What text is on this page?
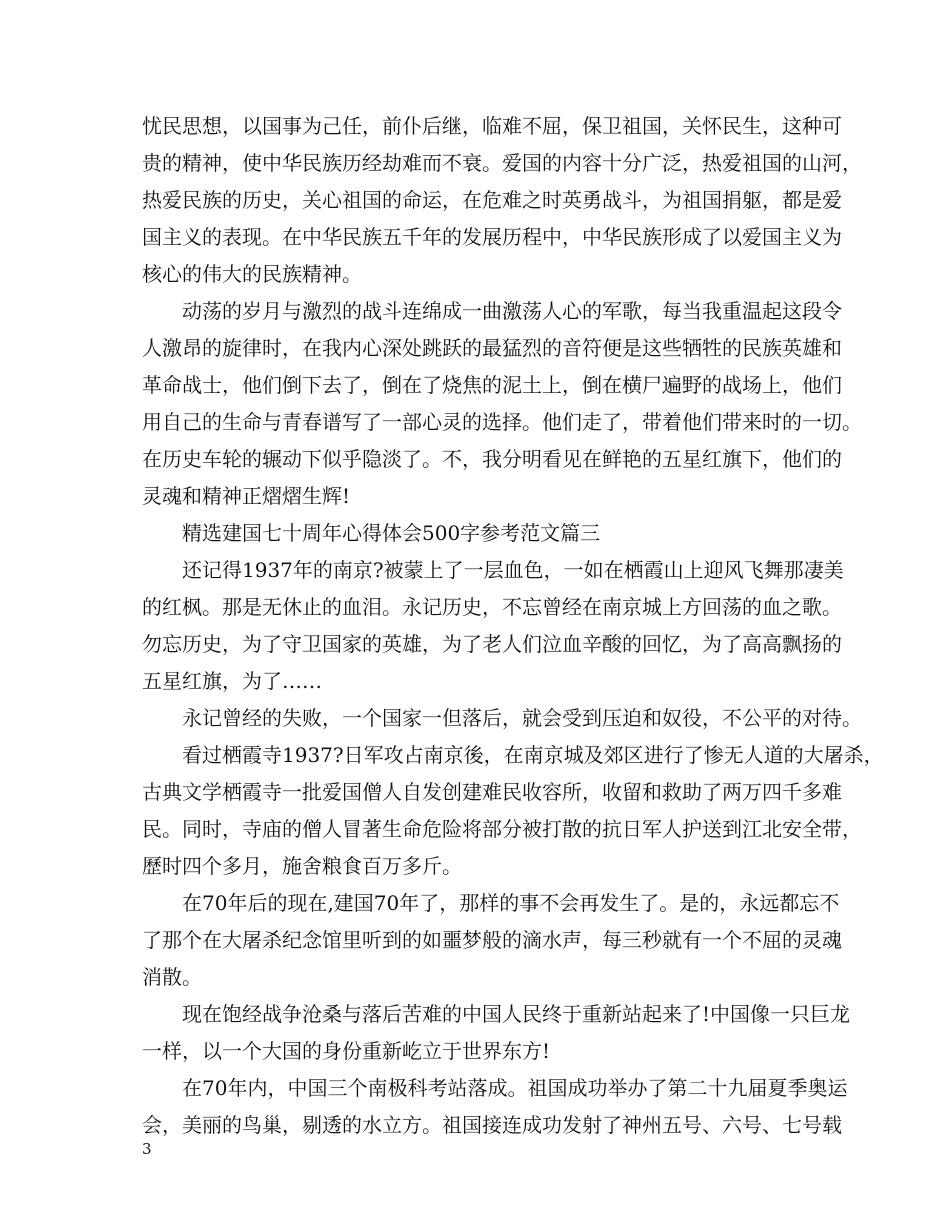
忧民思想，以国事为己任，前仆后继，临难不屈，保卫祖国，关怀民生，这种可
贵的精神，使中华民族历经劫难而不衰。爱国的内容十分广泛，热爱祖国的山河，
热爱民族的历史，关心祖国的命运，在危难之时英勇战斗，为祖国捐躯，都是爱
国主义的表现。在中华民族五千年的发展历程中，中华民族形成了以爱国主义为
核心的伟大的民族精神。
动荡的岁月与激烈的战斗连绵成一曲激荡人心的军歌，每当我重温起这段令
人激昂的旋律时，在我内心深处跳跃的最猛烈的音符便是这些牺牲的民族英雄和
革命战士，他们倒下去了，倒在了烧焦的泥土上，倒在横尸遍野的战场上，他们
用自己的生命与青春谱写了一部心灵的选择。他们走了，带着他们带来时的一切。
在历史车轮的辗动下似乎隐淡了。不，我分明看见在鲜艳的五星红旗下，他们的
灵魂和精神正熠熠生辉!
精选建国七十周年心得体会500字参考范文篇三
还记得1937年的南京?被蒙上了一层血色，一如在栖霞山上迎风飞舞那凄美
的红枫。那是无休止的血泪。永记历史，不忘曾经在南京城上方回荡的血之歌。
勿忘历史，为了守卫国家的英雄，为了老人们泣血辛酸的回忆，为了高高飘扬的
五星红旗，为了……
永记曾经的失败，一个国家一但落后，就会受到压迫和奴役，不公平的对待。
看过栖霞寺1937?日军攻占南京後，在南京城及郊区进行了惨无人道的大屠杀，
古典文学栖霞寺一批爱国僧人自发创建难民收容所，收留和救助了两万四千多难
民。同时，寺庙的僧人冒著生命危险将部分被打散的抗日军人护送到江北安全带，
歷时四个多月，施舍粮食百万多斤。
在70年后的现在,建国70年了，那样的事不会再发生了。是的，永远都忘不
了那个在大屠杀纪念馆里听到的如噩梦般的滴水声，每三秒就有一个不屈的灵魂
消散。
现在饱经战争沧桑与落后苦难的中国人民终于重新站起来了!中国像一只巨龙
一样，以一个大国的身份重新屹立于世界东方!
在70年内，中国三个南极科考站落成。祖国成功举办了第二十九届夏季奥运
会，美丽的鸟巢，剔透的水立方。祖国接连成功发射了神州五号、六号、七号载
3
